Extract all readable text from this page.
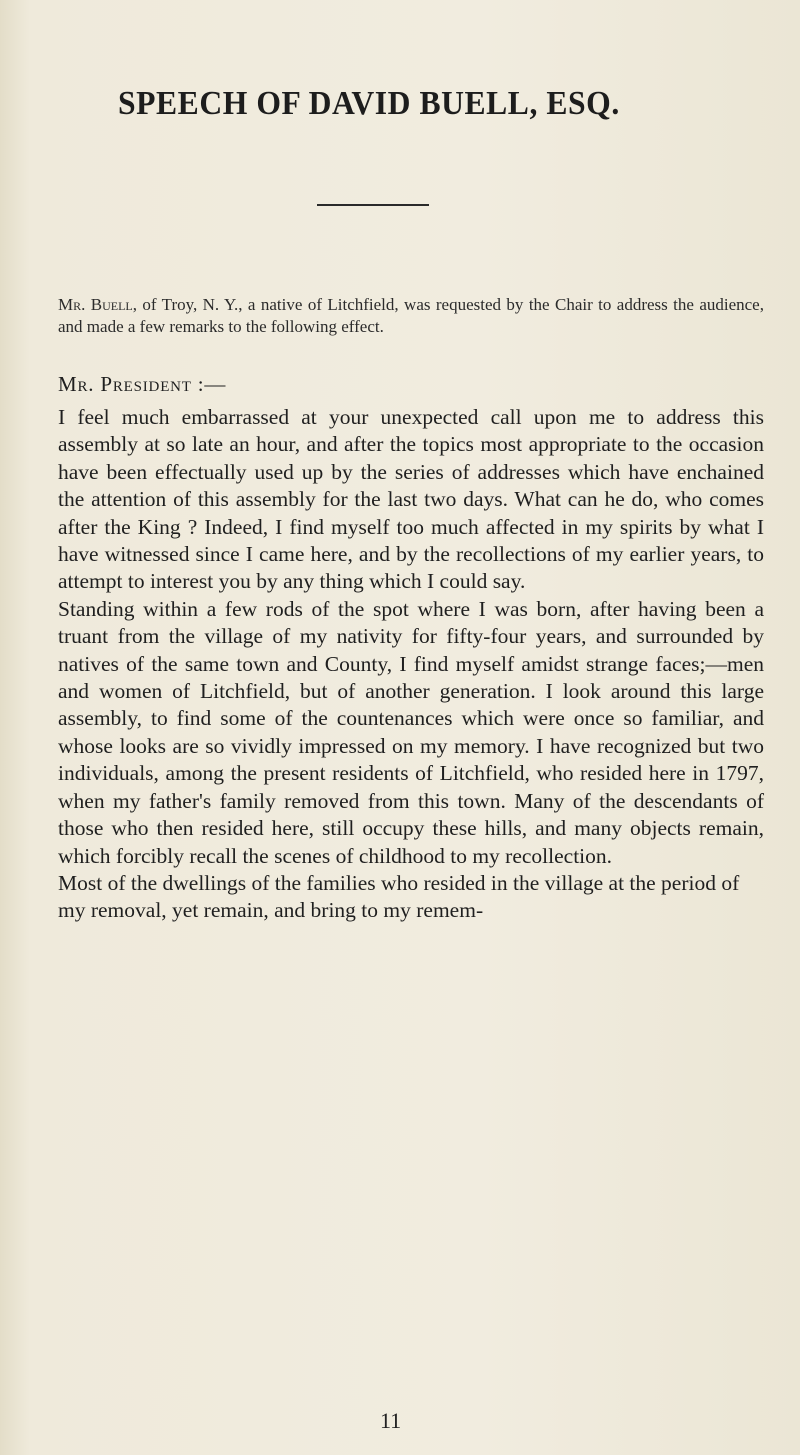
SPEECH OF DAVID BUELL, ESQ.

Mr. Buell, of Troy, N. Y., a native of Litchfield, was requested by the Chair to address the audience, and made a few remarks to the following effect.

Mr. President :—

I feel much embarrassed at your unexpected call upon me to address this assembly at so late an hour, and after the topics most appropriate to the occasion have been effectually used up by the series of addresses which have enchained the attention of this assembly for the last two days. What can he do, who comes after the King ? Indeed, I find myself too much affected in my spirits by what I have witnessed since I came here, and by the recollections of my earlier years, to attempt to interest you by any thing which I could say.

Standing within a few rods of the spot where I was born, after having been a truant from the village of my nativity for fifty-four years, and surrounded by natives of the same town and County, I find myself amidst strange faces;—men and women of Litchfield, but of another generation. I look around this large assembly, to find some of the countenances which were once so familiar, and whose looks are so vividly impressed on my memory. I have recognized but two individuals, among the present residents of Litchfield, who resided here in 1797, when my father's family removed from this town. Many of the descendants of those who then resided here, still occupy these hills, and many objects remain, which forcibly recall the scenes of childhood to my recollection.

Most of the dwellings of the families who resided in the village at the period of my removal, yet remain, and bring to my remem-

11
